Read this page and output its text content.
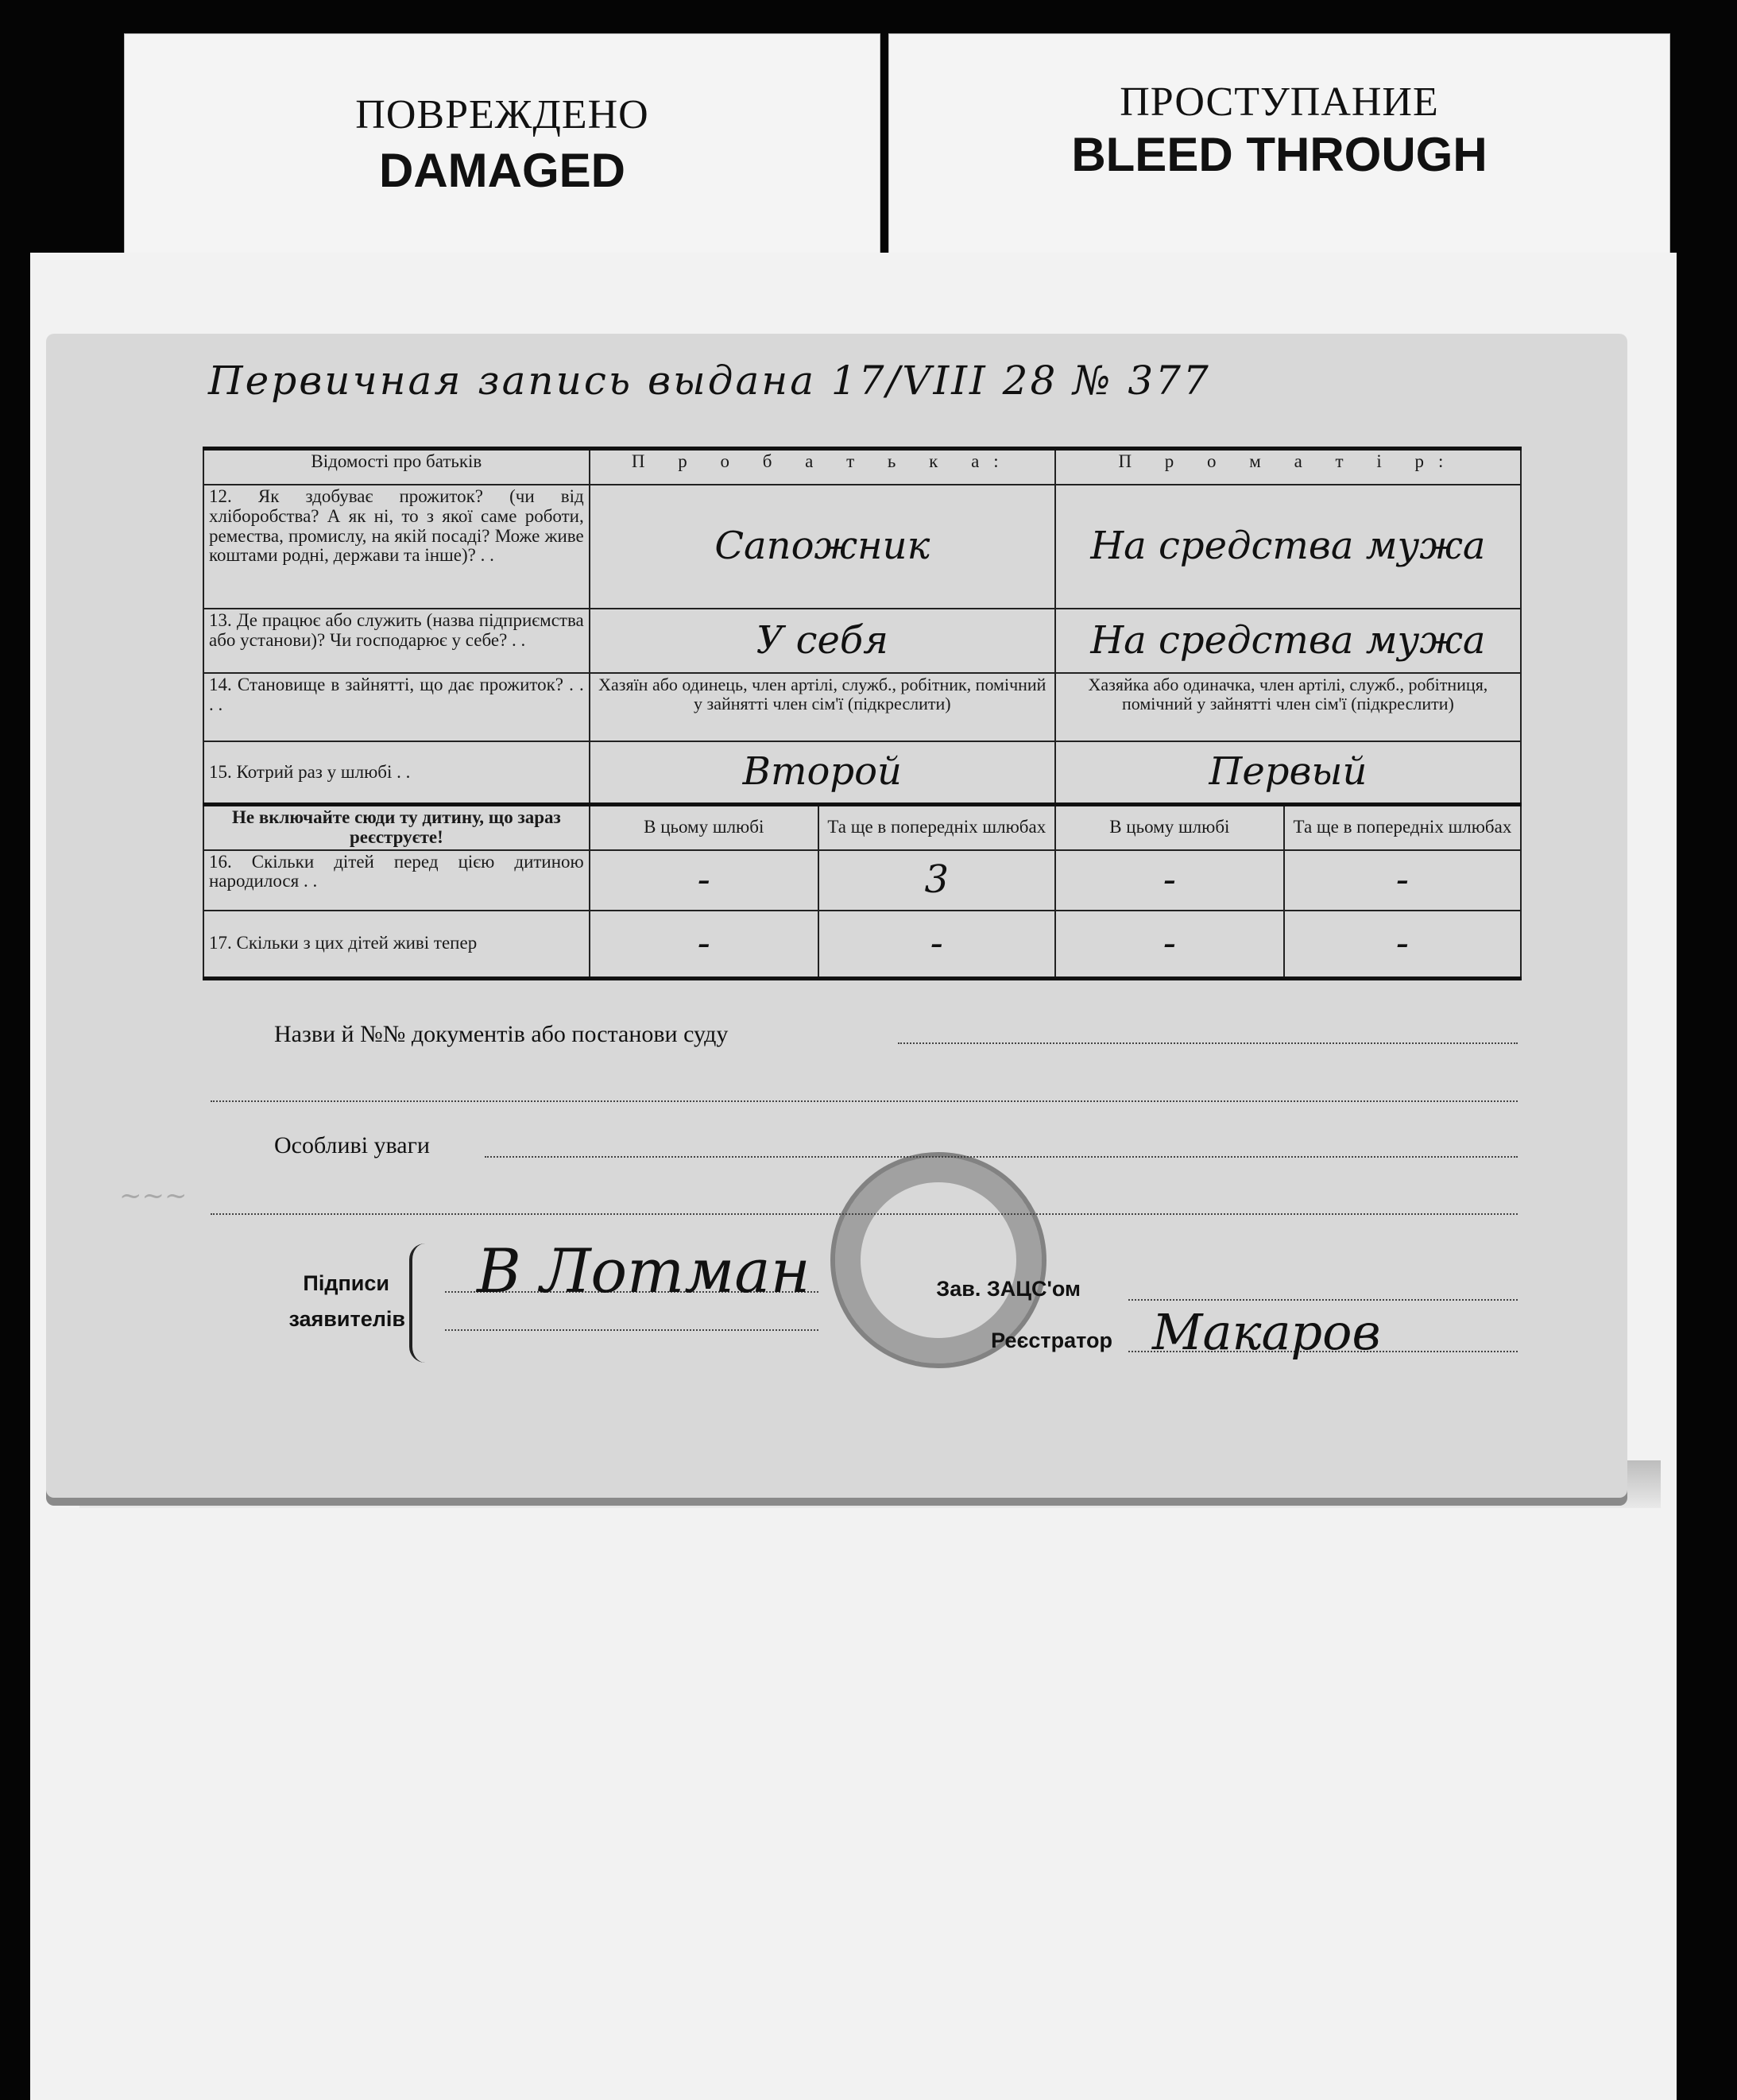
ПОВРЕЖДЕНО
DAMAGED
ПРОСТУПАНИЕ
BLEED THROUGH
Первичная запись выдана 17/VIII 28 № 377
Відомості про батьків	П р о б а т ь к а:		П р о м а т і р:	
12. Як здобуває прожиток? (чи від хліборобства? А як ні, то з якої саме роботи, ремества, промислу, на якій посаді? Може живе коштами родні, держави та інше)? . .	Сапожник		На средства мужа	
13. Де працює або служить (назва підприємства або установи)? Чи господарює у себе? . .	У себя		На средства мужа	
14. Становище в зайнятті, що дає прожиток? . . . .	Хазяїн або одинець, член артілі, служб., робітник, помічний у зайнятті член сім'ї (підкреслити)		Хазяйка або одиначка, член артілі, служб., робітниця, помічний у зайнятті член сім'ї (підкреслити)	
15. Котрий раз у шлюбі . .	Второй		Первый	
Не включайте сюди ту дитину, що зараз реєструєте!	В цьому шлюбі	Та ще в попередніх шлюбах	В цьому шлюбі	Та ще в попередніх шлюбах
16. Скільки дітей перед цією дитиною народилося . .	-	3	-	-
17. Скільки з цих дітей живі тепер	-	-	-	-
Назви й №№ документів або постанови суду
Особливі уваги
~~~
Підписи
заявителів
В Лотман	Зав. ЗАЦС'ом
Реєстратор Макаров
